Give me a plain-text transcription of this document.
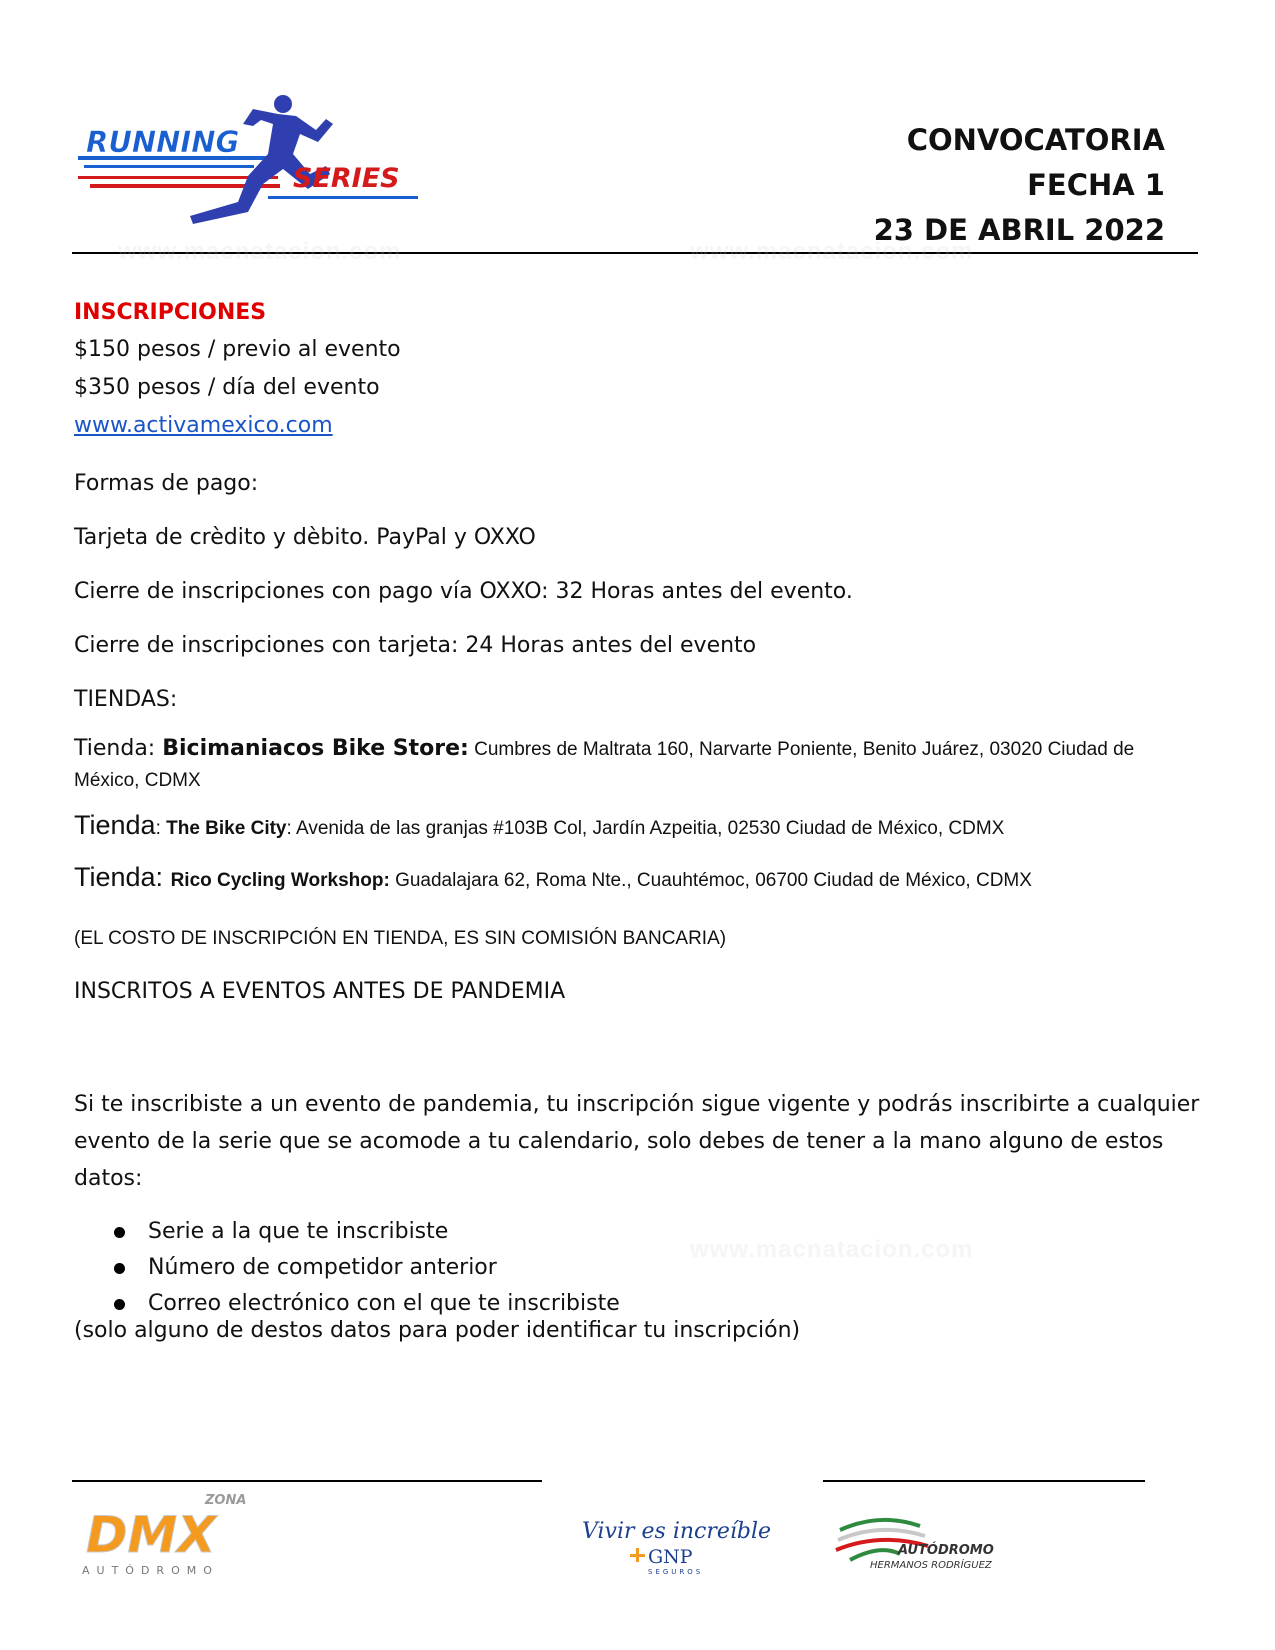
RUNNING
SERIES
CONVOCATORIA
FECHA 1
23 DE ABRIL 2022
www.macnatacion.com	www.macnatacion.com
www.macnatacion.com
INSCRIPCIONES
$150 pesos / previo al evento
$350 pesos / día del evento
www.activamexico.com
Formas de pago:
Tarjeta de crèdito y dèbito. PayPal y OXXO
Cierre de inscripciones con pago vía OXXO: 32 Horas antes del evento.
Cierre de inscripciones con tarjeta: 24 Horas antes del evento
TIENDAS:
Tienda: Bicimaniacos Bike Store: Cumbres de Maltrata 160, Narvarte Poniente, Benito Juárez, 03020 Ciudad de México, CDMX
Tienda: The Bike City: Avenida de las granjas #103B Col, Jardín Azpeitia, 02530 Ciudad de México, CDMX
Tienda: Rico Cycling Workshop: Guadalajara 62, Roma Nte., Cuauhtémoc, 06700 Ciudad de México, CDMX
(EL COSTO DE INSCRIPCIÓN EN TIENDA, ES SIN COMISIÓN BANCARIA)
INSCRITOS A EVENTOS ANTES DE PANDEMIA
Si te inscribiste a un evento de pandemia, tu inscripción sigue vigente y podrás inscribirte a cualquier evento de la serie que se acomode a tu calendario, solo debes de tener a la mano alguno de estos datos:
Serie a la que te inscribiste
Número de competidor anterior
Correo electrónico con el que te inscribiste
(solo alguno de destos datos para poder identificar tu inscripción)
ZONA
DMX
AUTÓDROMO
Vivir es increíble
GNP
SEGUROS
AUTÓDROMO
HERMANOS RODRÍGUEZ
